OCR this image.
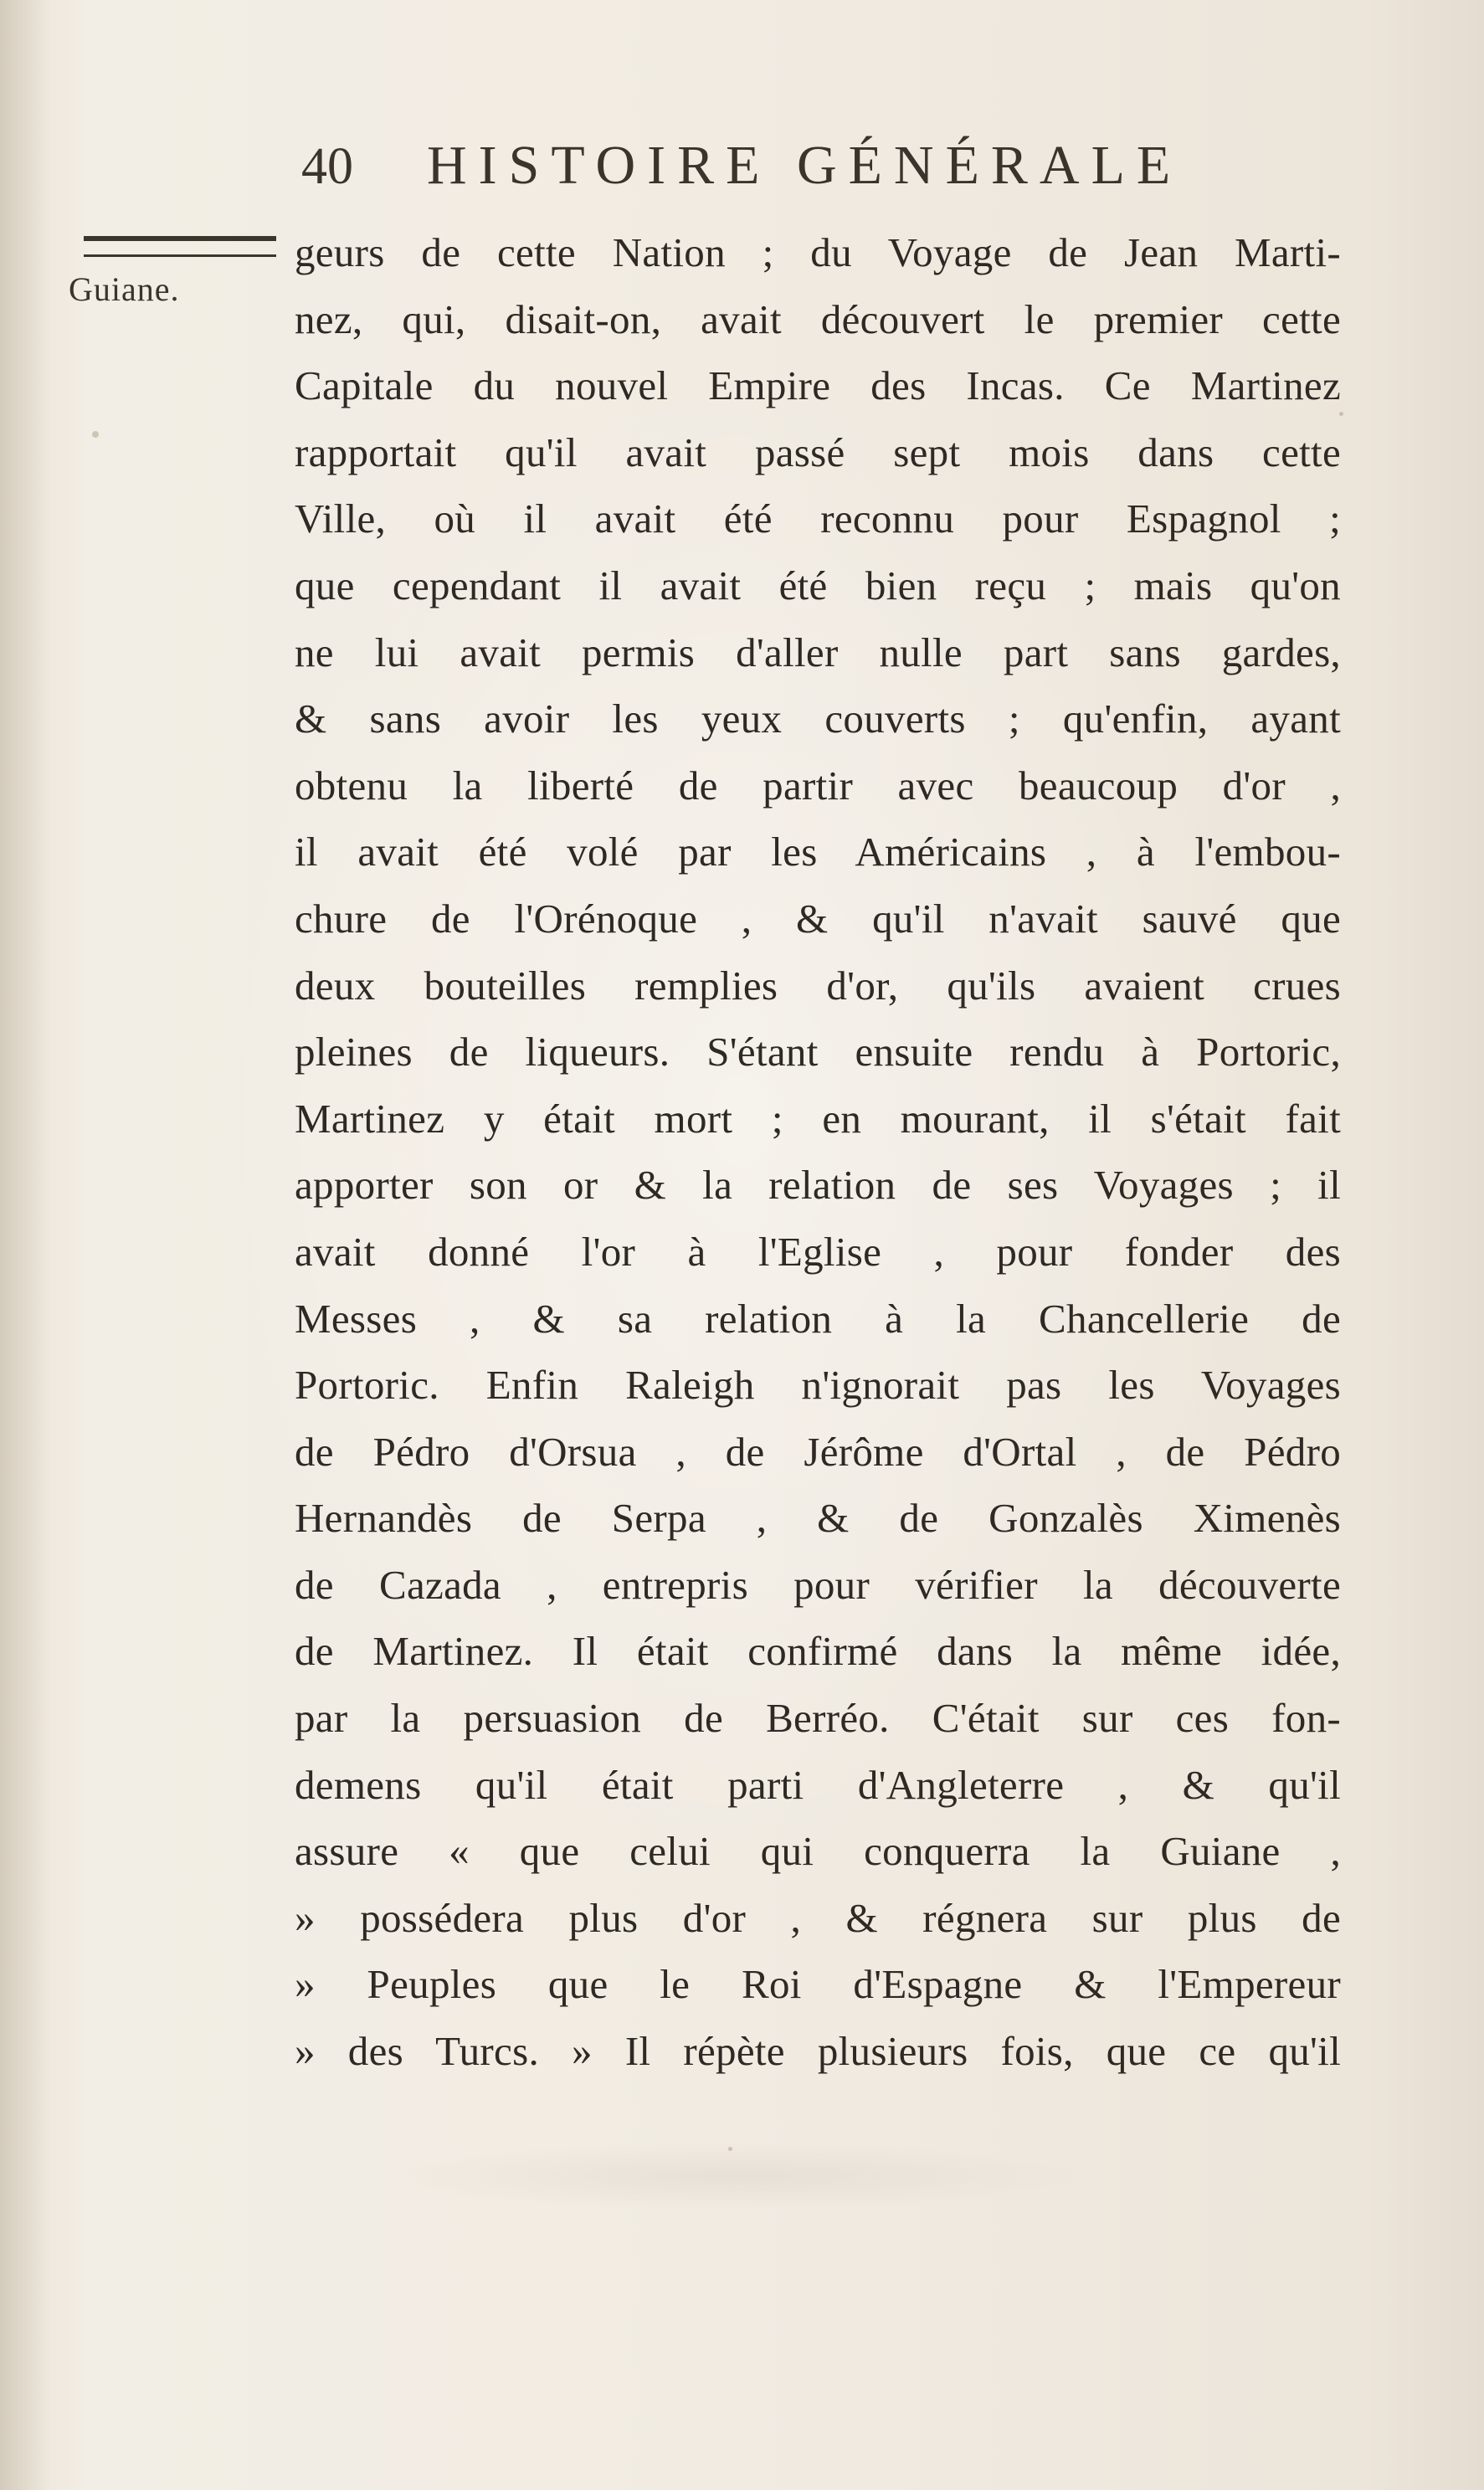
40	HISTOIRE GÉNÉRALE
Guiane.
geurs de cette Nation ; du Voyage de Jean Marti-
nez, qui, disait-on, avait découvert le premier cette
Capitale du nouvel Empire des Incas. Ce Martinez
rapportait qu'il avait passé sept mois dans cette
Ville, où il avait été reconnu pour Espagnol ;
que cependant il avait été bien reçu ; mais qu'on
ne lui avait permis d'aller nulle part sans gardes,
& sans avoir les yeux couverts ; qu'enfin, ayant
obtenu la liberté de partir avec beaucoup d'or ,
il avait été volé par les Américains , à l'embou-
chure de l'Orénoque , & qu'il n'avait sauvé que
deux bouteilles remplies d'or, qu'ils avaient crues
pleines de liqueurs. S'étant ensuite rendu à Portoric,
Martinez y était mort ; en mourant, il s'était fait
apporter son or & la relation de ses Voyages ; il
avait donné l'or à l'Eglise , pour fonder des
Messes , & sa relation à la Chancellerie de
Portoric. Enfin Raleigh n'ignorait pas les Voyages
de Pédro d'Orsua , de Jérôme d'Ortal , de Pédro
Hernandès de Serpa , & de Gonzalès Ximenès
de Cazada , entrepris pour vérifier la découverte
de Martinez. Il était confirmé dans la même idée,
par la persuasion de Berréo. C'était sur ces fon-
demens qu'il était parti d'Angleterre , & qu'il
assure « que celui qui conquerra la Guiane ,
» possédera plus d'or , & régnera sur plus de
» Peuples que le Roi d'Espagne & l'Empereur
» des Turcs. » Il répète plusieurs fois, que ce qu'il
